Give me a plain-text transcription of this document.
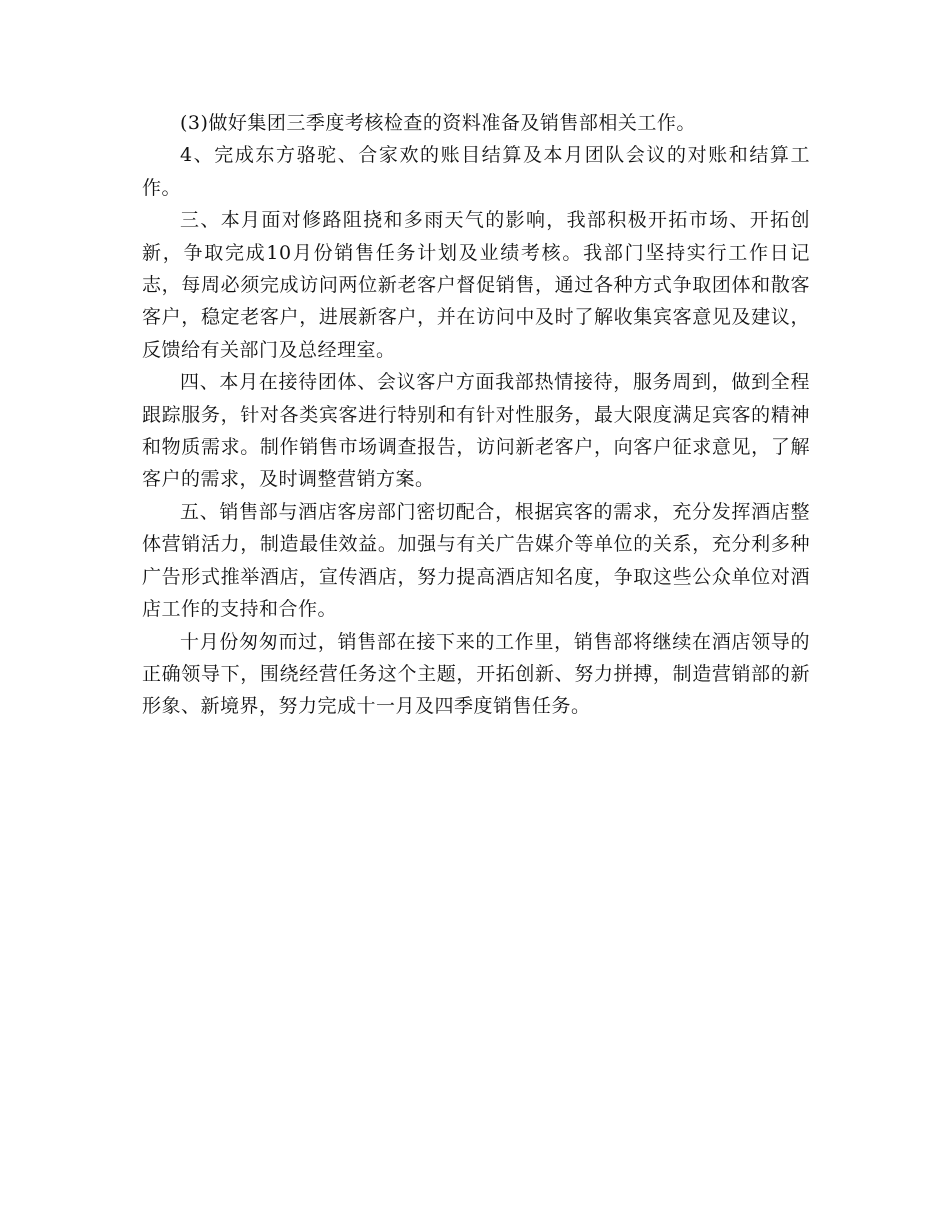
(3)做好集团三季度考核检查的资料准备及销售部相关工作。

4、完成东方骆驼、合家欢的账目结算及本月团队会议的对账和结算工作。

三、本月面对修路阻挠和多雨天气的影响，我部积极开拓市场、开拓创新，争取完成10月份销售任务计划及业绩考核。我部门坚持实行工作日记志，每周必须完成访问两位新老客户督促销售，通过各种方式争取团体和散客客户，稳定老客户，进展新客户，并在访问中及时了解收集宾客意见及建议，反馈给有关部门及总经理室。

四、本月在接待团体、会议客户方面我部热情接待，服务周到，做到全程跟踪服务，针对各类宾客进行特别和有针对性服务，最大限度满足宾客的精神和物质需求。制作销售市场调查报告，访问新老客户，向客户征求意见，了解客户的需求，及时调整营销方案。

五、销售部与酒店客房部门密切配合，根据宾客的需求，充分发挥酒店整体营销活力，制造最佳效益。加强与有关广告媒介等单位的关系，充分利多种广告形式推举酒店，宣传酒店，努力提高酒店知名度，争取这些公众单位对酒店工作的支持和合作。

十月份匆匆而过，销售部在接下来的工作里，销售部将继续在酒店领导的正确领导下，围绕经营任务这个主题，开拓创新、努力拼搏，制造营销部的新形象、新境界，努力完成十一月及四季度销售任务。
